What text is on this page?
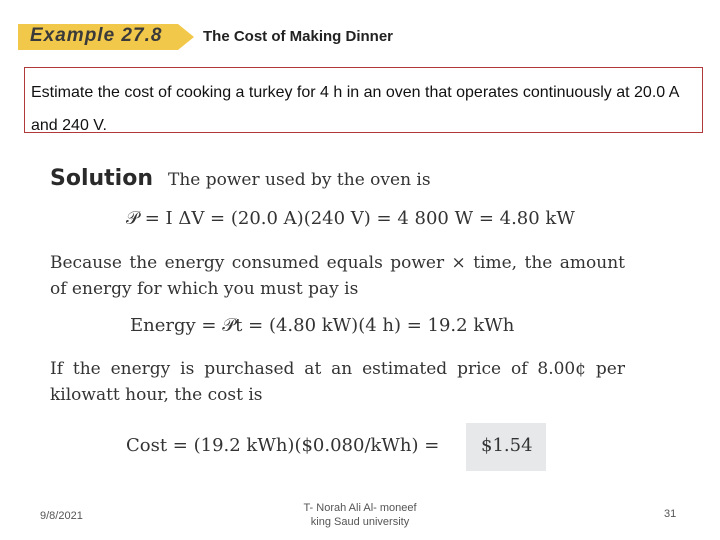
Example 27.8	The Cost of Making Dinner
Estimate the cost of cooking a turkey for 4 h in an oven that operates continuously at 20.0 A and 240 V.
Solution The power used by the oven is
𝒫 = I ΔV = (20.0 A)(240 V) = 4 800 W = 4.80 kW
Because the energy consumed equals power × time, the amount of energy for which you must pay is
Energy = 𝒫t = (4.80 kW)(4 h) = 19.2 kWh
If the energy is purchased at an estimated price of 8.00¢ per kilowatt hour, the cost is
Cost = (19.2 kWh)($0.080/kWh) = $1.54
9/8/2021
T- Norah Ali Al- moneef
king Saud university
31
